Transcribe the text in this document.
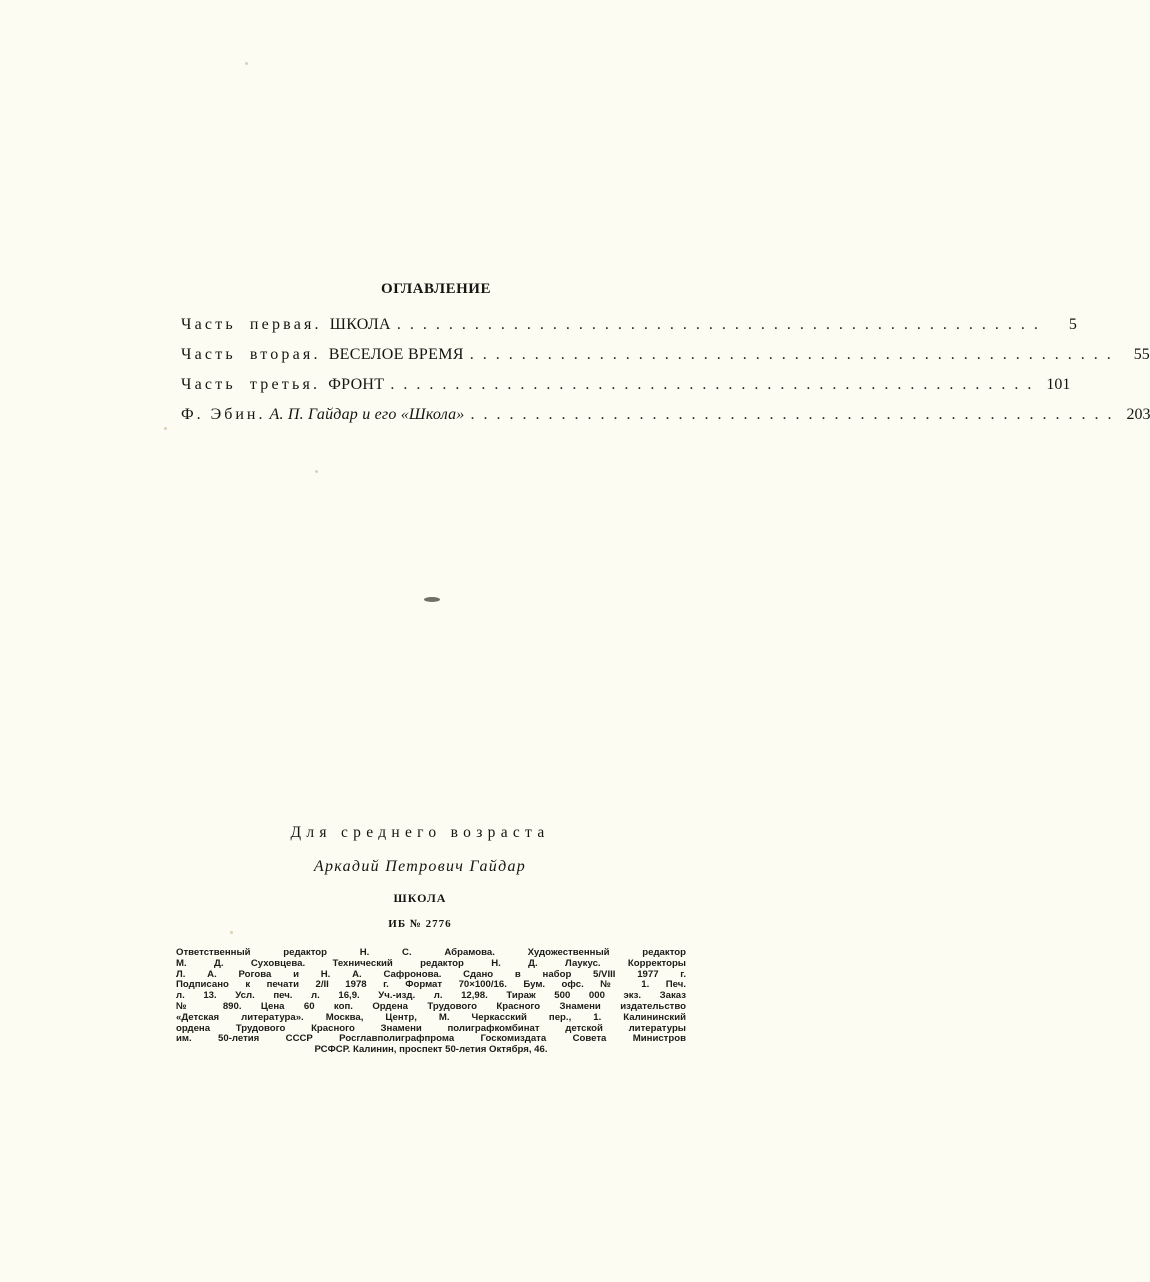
ОГЛАВЛЕНИЕ
Часть первая. ШКОЛА ..................................................	5
Часть вторая. ВЕСЕЛОЕ ВРЕМЯ .................................................. 55
Часть третья. ФРОНТ .................................................. 101
Ф. Эбин. А. П. Гайдар и его «Школа» .................................................. 203
Для среднего возраста
Аркадий Петрович Гайдар
ШКОЛА
ИБ № 2776
Ответственный редактор Н. С. Абрамова. Художественный редактор
М. Д. Суховцева. Технический редактор Н. Д. Лаукус. Корректоры
Л. А. Рогова и Н. А. Сафронова. Сдано в набор 5/VIII 1977 г.
Подписано к печати 2/II 1978 г. Формат 70×100/16. Бум. офс. № 1. Печ.
л. 13. Усл. печ. л. 16,9. Уч.-изд. л. 12,98. Тираж 500 000 экз. Заказ
№ 890. Цена 60 коп. Ордена Трудового Красного Знамени издательство
«Детская литература». Москва, Центр, М. Черкасский пер., 1. Калининский
ордена Трудового Красного Знамени полиграфкомбинат детской литературы
им. 50-летия СССР Росглавполиграфпрома Госкомиздата Совета Министров
РСФСР. Калинин, проспект 50-летия Октября, 46.
